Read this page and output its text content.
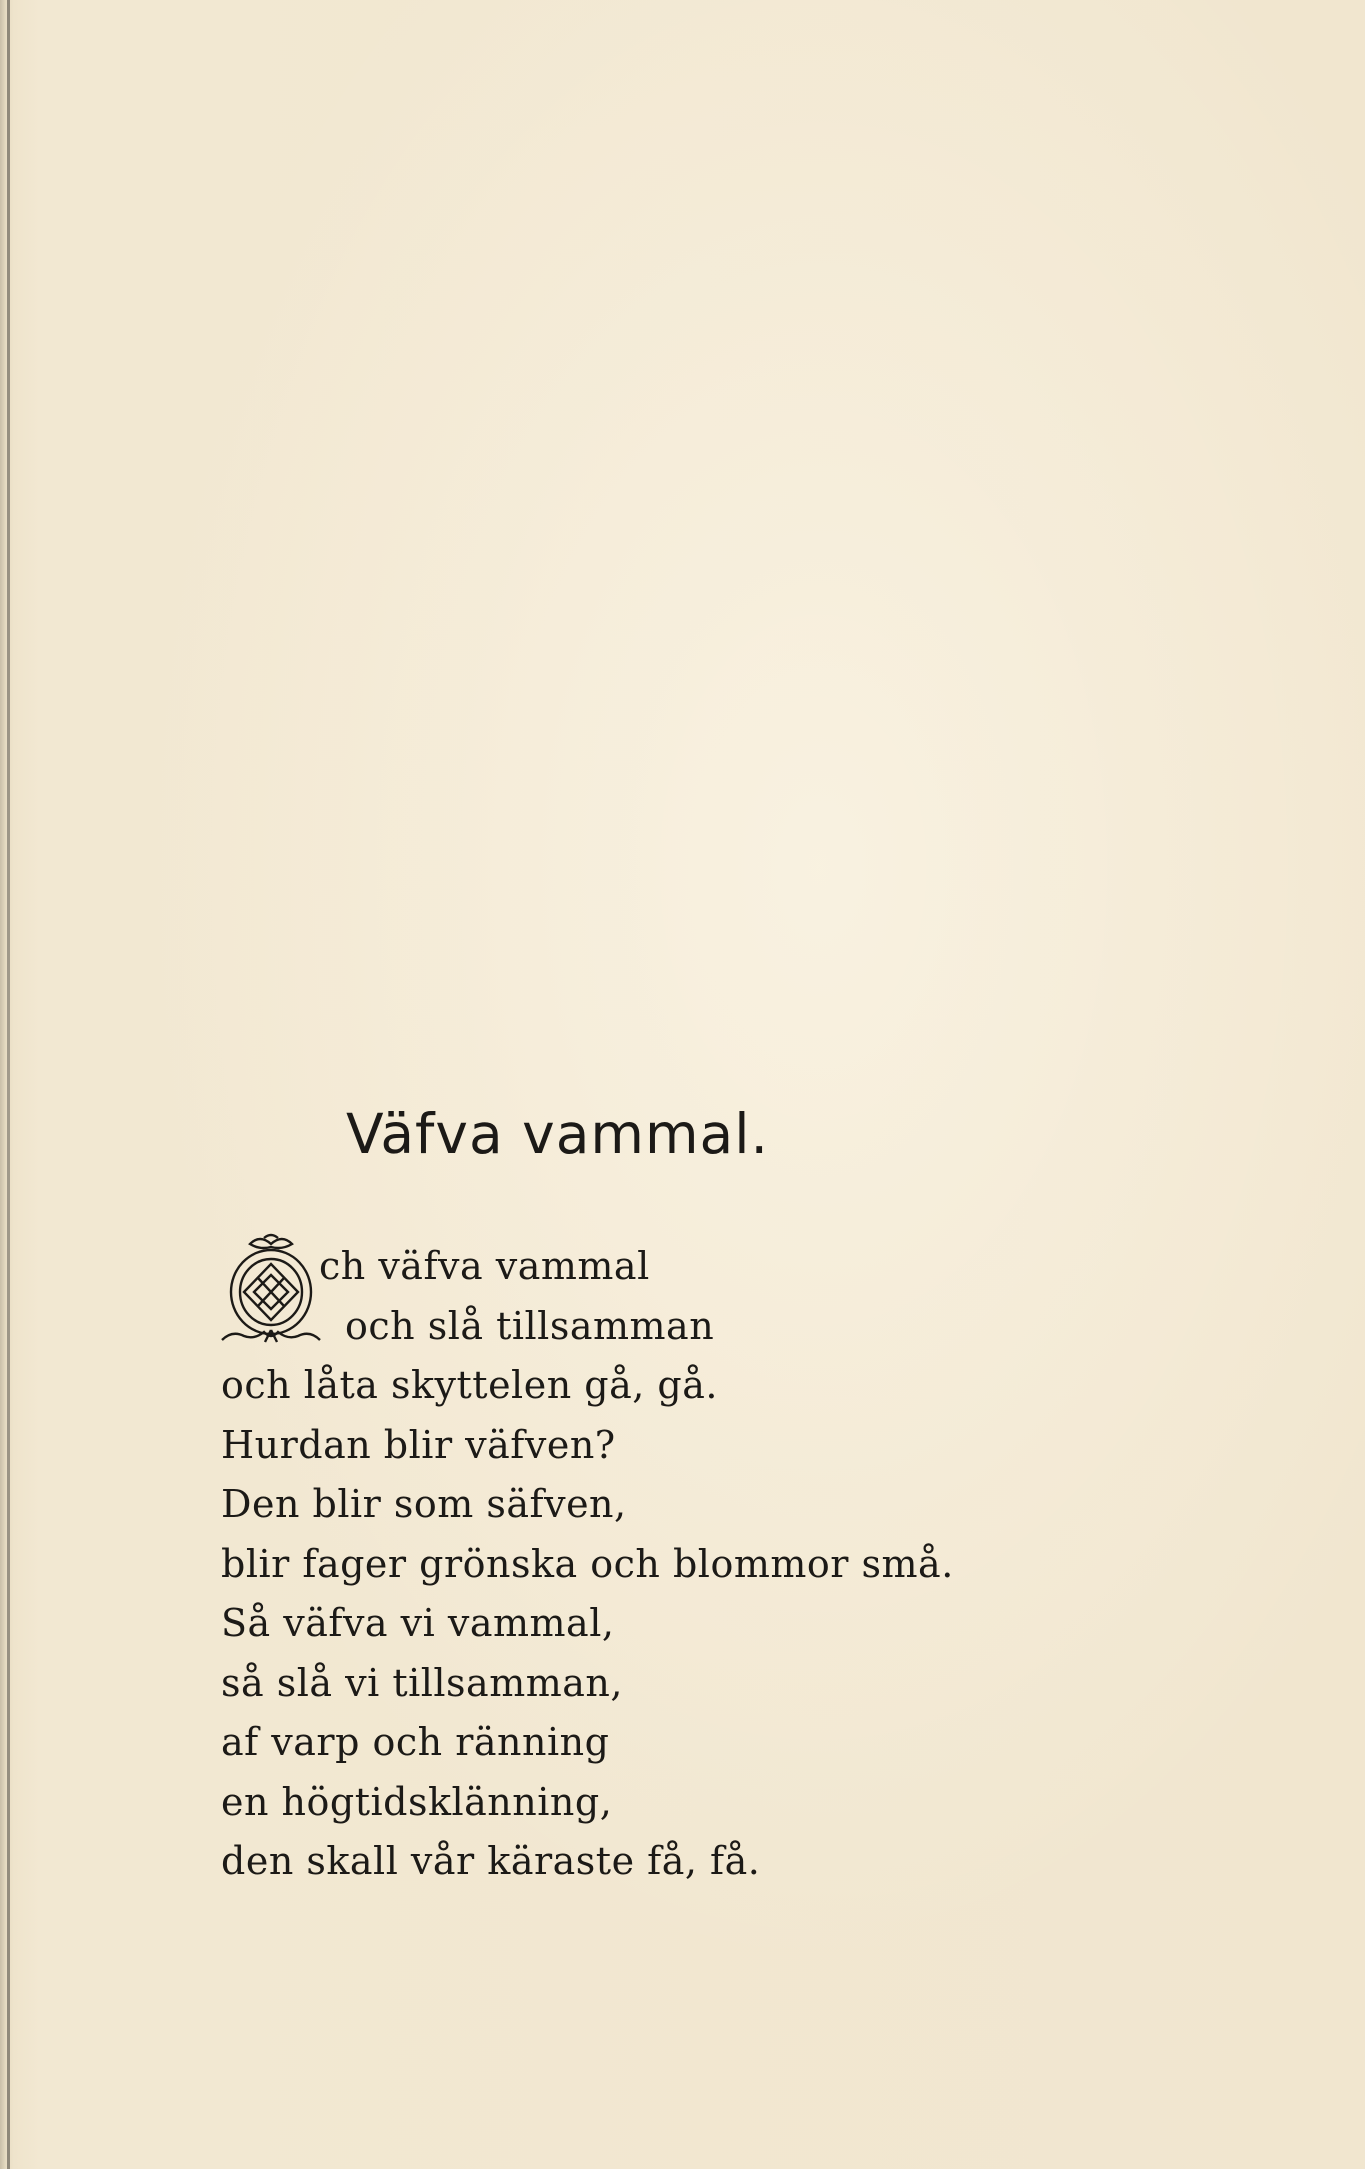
Väfva vammal.
O
ch väfva vammal
och slå tillsamman
och låta skyttelen gå, gå.
Hurdan blir väfven?
Den blir som säfven,
blir fager grönska och blommor små.
Så väfva vi vammal,
så slå vi tillsamman,
af varp och ränning
en högtidsklänning,
den skall vår käraste få, få.
